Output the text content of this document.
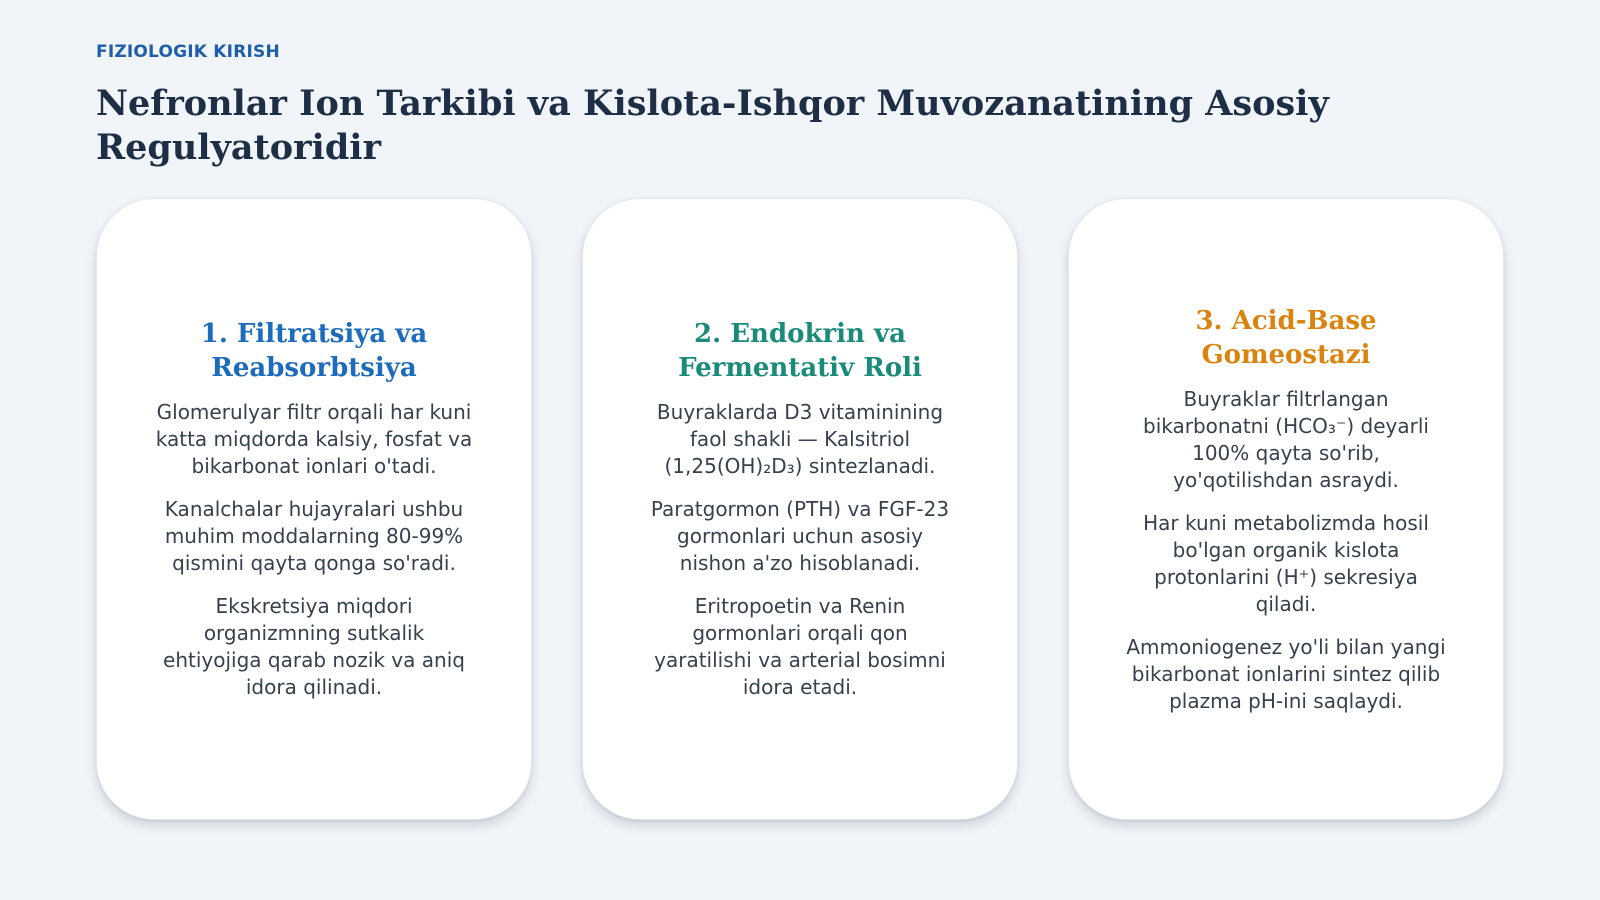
FIZIOLOGIK KIRISH
Nefronlar Ion Tarkibi va Kislota-Ishqor Muvozanatining Asosiy Regulyatoridir
1. Filtratsiya va
Reabsorbtsiya
Glomerulyar filtr orqali har kuni
katta miqdorda kalsiy, fosfat va
bikarbonat ionlari o'tadi.
Kanalchalar hujayralari ushbu
muhim moddalarning 80-99%
qismini qayta qonga so'radi.
Ekskretsiya miqdori
organizmning sutkalik
ehtiyojiga qarab nozik va aniq
idora qilinadi.
2. Endokrin va
Fermentativ Roli
Buyraklarda D3 vitaminining
faol shakli — Kalsitriol
(1,25(OH)₂D₃) sintezlanadi.
Paratgormon (PTH) va FGF-23
gormonlari uchun asosiy
nishon a'zo hisoblanadi.
Eritropoetin va Renin
gormonlari orqali qon
yaratilishi va arterial bosimni
idora etadi.
3. Acid-Base
Gomeostazi
Buyraklar filtrlangan
bikarbonatni (HCO₃⁻) deyarli
100% qayta so'rib,
yo'qotilishdan asraydi.
Har kuni metabolizmda hosil
bo'lgan organik kislota
protonlarini (H⁺) sekresiya
qiladi.
Ammoniogenez yo'li bilan yangi
bikarbonat ionlarini sintez qilib
plazma pH-ini saqlaydi.
